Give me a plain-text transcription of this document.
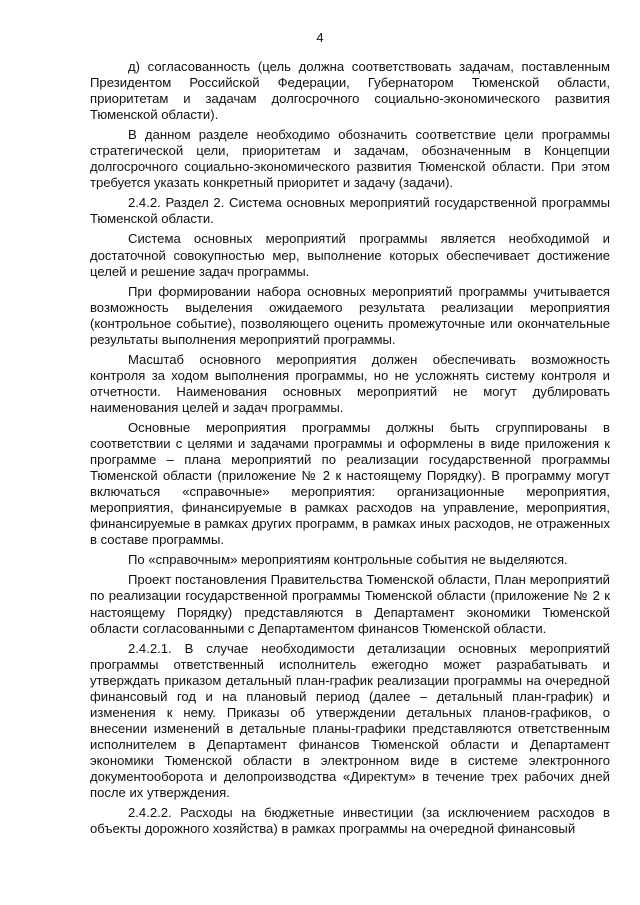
4

д) согласованность (цель должна соответствовать задачам, поставленным Президентом Российской Федерации, Губернатором Тюменской области, приоритетам и задачам долгосрочного социально-экономического развития Тюменской области).

В данном разделе необходимо обозначить соответствие цели программы стратегической цели, приоритетам и задачам, обозначенным в Концепции долгосрочного социально-экономического развития Тюменской области. При этом требуется указать конкретный приоритет и задачу (задачи).

2.4.2. Раздел 2. Система основных мероприятий государственной программы Тюменской области.

Система основных мероприятий программы является необходимой и достаточной совокупностью мер, выполнение которых обеспечивает достижение целей и решение задач программы.

При формировании набора основных мероприятий программы учитывается возможность выделения ожидаемого результата реализации мероприятия (контрольное событие), позволяющего оценить промежуточные или окончательные результаты выполнения мероприятий программы.

Масштаб основного мероприятия должен обеспечивать возможность контроля за ходом выполнения программы, но не усложнять систему контроля и отчетности. Наименования основных мероприятий не могут дублировать наименования целей и задач программы.

Основные мероприятия программы должны быть сгруппированы в соответствии с целями и задачами программы и оформлены в виде приложения к программе – плана мероприятий по реализации государственной программы Тюменской области (приложение № 2 к настоящему Порядку). В программу могут включаться «справочные» мероприятия: организационные мероприятия, мероприятия, финансируемые в рамках расходов на управление, мероприятия, финансируемые в рамках других программ, в рамках иных расходов, не отраженных в составе программы.

По «справочным» мероприятиям контрольные события не выделяются.

Проект постановления Правительства Тюменской области, План мероприятий по реализации государственной программы Тюменской области (приложение № 2 к настоящему Порядку) представляются в Департамент экономики Тюменской области согласованными с Департаментом финансов Тюменской области.

2.4.2.1. В случае необходимости детализации основных мероприятий программы ответственный исполнитель ежегодно может разрабатывать и утверждать приказом детальный план-график реализации программы на очередной финансовый год и на плановый период (далее – детальный план-график) и изменения к нему. Приказы об утверждении детальных планов-графиков, о внесении изменений в детальные планы-графики представляются ответственным исполнителем в Департамент финансов Тюменской области и Департамент экономики Тюменской области в электронном виде в системе электронного документооборота и делопроизводства «Директум» в течение трех рабочих дней после их утверждения.

2.4.2.2. Расходы на бюджетные инвестиции (за исключением расходов в объекты дорожного хозяйства) в рамках программы на очередной финансовый
